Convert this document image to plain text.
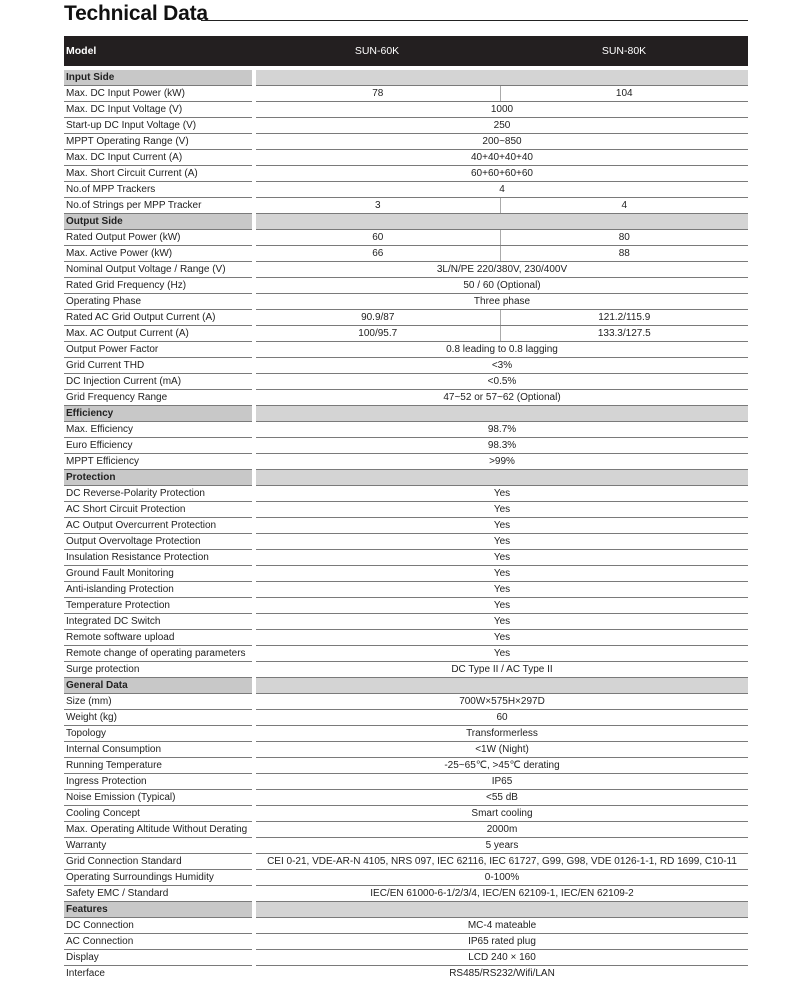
Technical Data
Model	SUN-60K	SUN-80K

Input Side		
Max. DC Input Power (kW)	78	104
Max. DC Input Voltage (V)	1000	
Start-up DC Input Voltage (V)	250	
MPPT Operating Range (V)	200~850	
Max. DC Input Current (A)	40+40+40+40	
Max. Short Circuit Current (A)	60+60+60+60	
No.of MPP Trackers	4	
No.of Strings per MPP Tracker	3	4
Output Side		
Rated Output Power (kW)	60	80
Max. Active Power (kW)	66	88
Nominal Output Voltage / Range (V)	3L/N/PE 220/380V, 230/400V	
Rated Grid Frequency (Hz)	50 / 60 (Optional)	
Operating Phase	Three phase	
Rated AC Grid Output Current (A)	90.9/87	121.2/115.9
Max. AC Output Current (A)	100/95.7	133.3/127.5
Output Power Factor	0.8 leading to 0.8 lagging	
Grid Current THD	<3%	
DC Injection Current (mA)	<0.5%	
Grid Frequency Range	47~52 or 57~62 (Optional)	
Efficiency		
Max. Efficiency	98.7%	
Euro Efficiency	98.3%	
MPPT Efficiency	>99%	
Protection		
DC Reverse-Polarity Protection	Yes	
AC Short Circuit Protection	Yes	
AC Output Overcurrent Protection	Yes	
Output Overvoltage Protection	Yes	
Insulation Resistance Protection	Yes	
Ground Fault Monitoring	Yes	
Anti-islanding Protection	Yes	
Temperature Protection	Yes	
Integrated DC Switch	Yes	
Remote software upload	Yes	
Remote change of operating parameters	Yes	
Surge protection	DC Type II / AC Type II	
General Data		
Size (mm)	700W×575H×297D	
Weight (kg)	60	
Topology	Transformerless	
Internal Consumption	<1W (Night)	
Running Temperature	-25~65℃, >45℃ derating	
Ingress Protection	IP65	
Noise Emission (Typical)	<55 dB	
Cooling Concept	Smart cooling	
Max. Operating Altitude Without Derating	2000m	
Warranty	5 years	
Grid Connection Standard	CEI 0-21, VDE-AR-N 4105, NRS 097, IEC 62116, IEC 61727, G99, G98, VDE 0126-1-1, RD 1699, C10-11	
Operating Surroundings Humidity	0-100%	
Safety EMC / Standard	IEC/EN 61000-6-1/2/3/4, IEC/EN 62109-1, IEC/EN 62109-2	
Features		
DC Connection	MC-4 mateable	
AC Connection	IP65 rated plug	
Display	LCD 240 × 160	
Interface	RS485/RS232/Wifi/LAN	
